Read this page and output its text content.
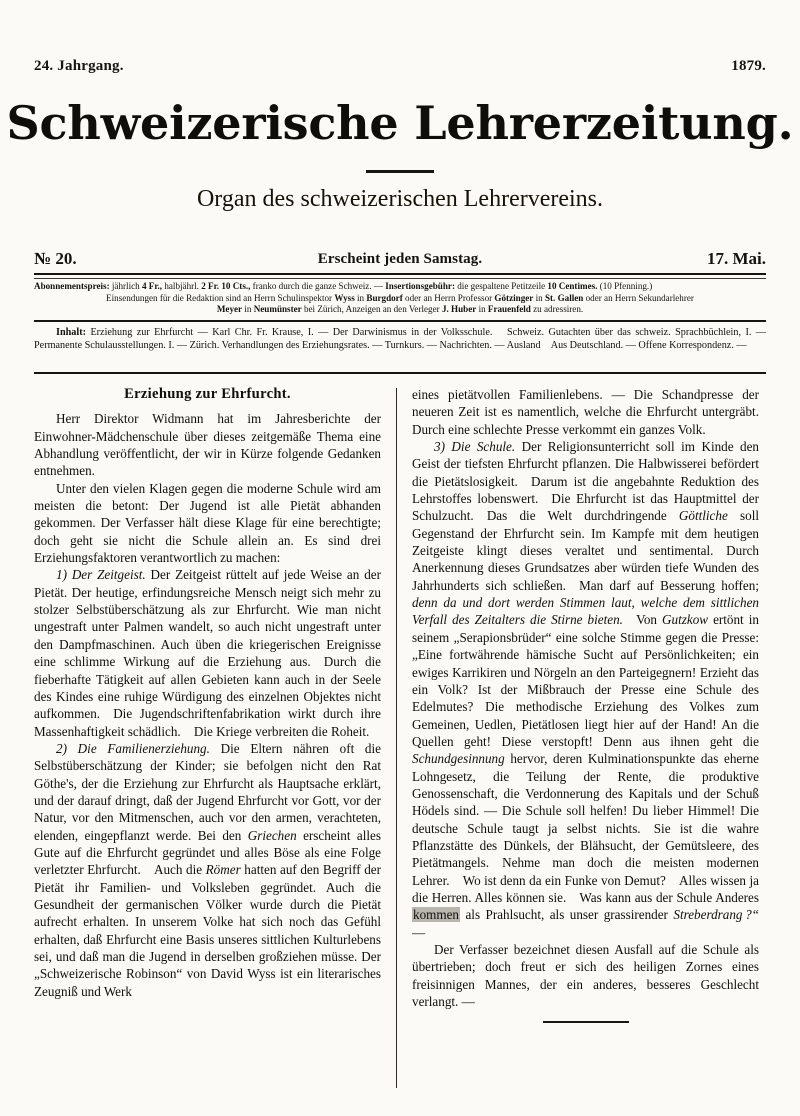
24. Jahrgang.	1879.
Schweizerische Lehrerzeitung.
Organ des schweizerischen Lehrervereins.
№ 20.	Erscheint jeden Samstag.	17. Mai.
Abonnementspreis: jährlich 4 Fr., halbjährl. 2 Fr. 10 Cts., franko durch die ganze Schweiz. — Insertionsgebühr: die gespaltene Petitzeile 10 Centimes. (10 Pfenning.)
Einsendungen für die Redaktion sind an Herrn Schulinspektor Wyss in Burgdorf oder an Herrn Professor Götzinger in St. Gallen oder an Herrn Sekundarlehrer
Meyer in Neumünster bei Zürich, Anzeigen an den Verleger J. Huber in Frauenfeld zu adressiren.
Inhalt: Erziehung zur Ehrfurcht — Karl Chr. Fr. Krause, I. — Der Darwinismus in der Volksschule.  Schweiz. Gutachten über das schweiz. Sprachbüchlein, I. — Permanente Schulausstellungen. I. — Zürich. Verhandlungen des Erziehungsrates. — Turnkurs. — Nachrichten. — Ausland Aus Deutschland. — Offene Korrespondenz. —
Erziehung zur Ehrfurcht.

Herr Direktor Widmann hat im Jahresberichte der Einwohner-Mädchenschule über dieses zeitgemäße Thema eine Abhandlung veröffentlicht, der wir in Kürze folgende Gedanken entnehmen.

Unter den vielen Klagen gegen die moderne Schule wird am meisten die betont: Der Jugend ist alle Pietät abhanden gekommen. Der Verfasser hält diese Klage für eine berechtigte; doch geht sie nicht die Schule allein an. Es sind drei Erziehungsfaktoren verantwortlich zu machen:

1) Der Zeitgeist. Der Zeitgeist rüttelt auf jede Weise an der Pietät. Der heutige, erfindungsreiche Mensch neigt sich mehr zu stolzer Selbstüberschätzung als zur Ehrfurcht. Wie man nicht ungestraft unter Palmen wandelt, so auch nicht ungestraft unter den Dampfmaschinen. Auch üben die kriegerischen Ereignisse eine schlimme Wirkung auf die Erziehung aus. Durch die fieberhafte Tätigkeit auf allen Gebieten kann auch in der Seele des Kindes eine ruhige Würdigung des einzelnen Objektes nicht aufkommen. Die Jugendschriftenfabrikation wirkt durch ihre Massenhaftigkeit schädlich. Die Kriege verbreiten die Roheit.

2) Die Familienerziehung. Die Eltern nähren oft die Selbstüberschätzung der Kinder; sie befolgen nicht den Rat Göthe's, der die Erziehung zur Ehrfurcht als Hauptsache erklärt, und der darauf dringt, daß der Jugend Ehrfurcht vor Gott, vor der Natur, vor den Mitmenschen, auch vor den armen, verachteten, elenden, eingepflanzt werde. Bei den Griechen erscheint alles Gute auf die Ehrfurcht gegründet und alles Böse als eine Folge verletzter Ehrfurcht. Auch die Römer hatten auf den Begriff der Pietät ihr Familien- und Volksleben gegründet. Auch die Gesundheit der germanischen Völker wurde durch die Pietät aufrecht erhalten. In unserem Volke hat sich noch das Gefühl erhalten, daß Ehrfurcht eine Basis unseres sittlichen Kulturlebens sei, und daß man die Jugend in derselben großziehen müsse. Der „Schweizerische Robinson“ von David Wyss ist ein literarisches Zeugniß und Werk

eines pietätvollen Familienlebens. — Die Schandpresse der neueren Zeit ist es namentlich, welche die Ehrfurcht untergräbt. Durch eine schlechte Presse verkommt ein ganzes Volk.

3) Die Schule. Der Religionsunterricht soll im Kinde den Geist der tiefsten Ehrfurcht pflanzen. Die Halbwisserei befördert die Pietätslosigkeit. Darum ist die angebahnte Reduktion des Lehrstoffes lobenswert. Die Ehrfurcht ist das Hauptmittel der Schulzucht. Das die Welt durchdringende Göttliche soll Gegenstand der Ehrfurcht sein. Im Kampfe mit dem heutigen Zeitgeiste klingt dieses veraltet und sentimental. Durch Anerkennung dieses Grundsatzes aber würden tiefe Wunden des Jahrhunderts sich schließen. Man darf auf Besserung hoffen; denn da und dort werden Stimmen laut, welche dem sittlichen Verfall des Zeitalters die Stirne bieten. Von Gutzkow ertönt in seinem „Serapionsbrüder“ eine solche Stimme gegen die Presse: „Eine fortwährende hämische Sucht auf Persönlichkeiten; ein ewiges Karrikiren und Nörgeln an den Parteigegnern! Erzieht das ein Volk? Ist der Mißbrauch der Presse eine Schule des Edelmutes? Die methodische Erziehung des Volkes zum Gemeinen, Uedlen, Pietätlosen liegt hier auf der Hand! An die Quellen geht! Diese verstopft! Denn aus ihnen geht die Schundgesinnung hervor, deren Kulminationspunkte das eherne Lohngesetz, die Teilung der Rente, die produktive Genossenschaft, die Verdonnerung des Kapitals und der Schuß Hödels sind. — Die Schule soll helfen! Du lieber Himmel! Die deutsche Schule taugt ja selbst nichts. Sie ist die wahre Pflanzstätte des Dünkels, der Blähsucht, der Gemütsleere, des Pietätmangels. Nehme man doch die meisten modernen Lehrer. Wo ist denn da ein Funke von Demut? Alles wissen ja die Herren. Alles können sie. Was kann aus der Schule Anderes kommen als Prahlsucht, als unser grassirender Streberdrang ?“ —

Der Verfasser bezeichnet diesen Ausfall auf die Schule als übertrieben; doch freut er sich des heiligen Zornes eines freisinnigen Mannes, der ein anderes, besseres Geschlecht verlangt. —
